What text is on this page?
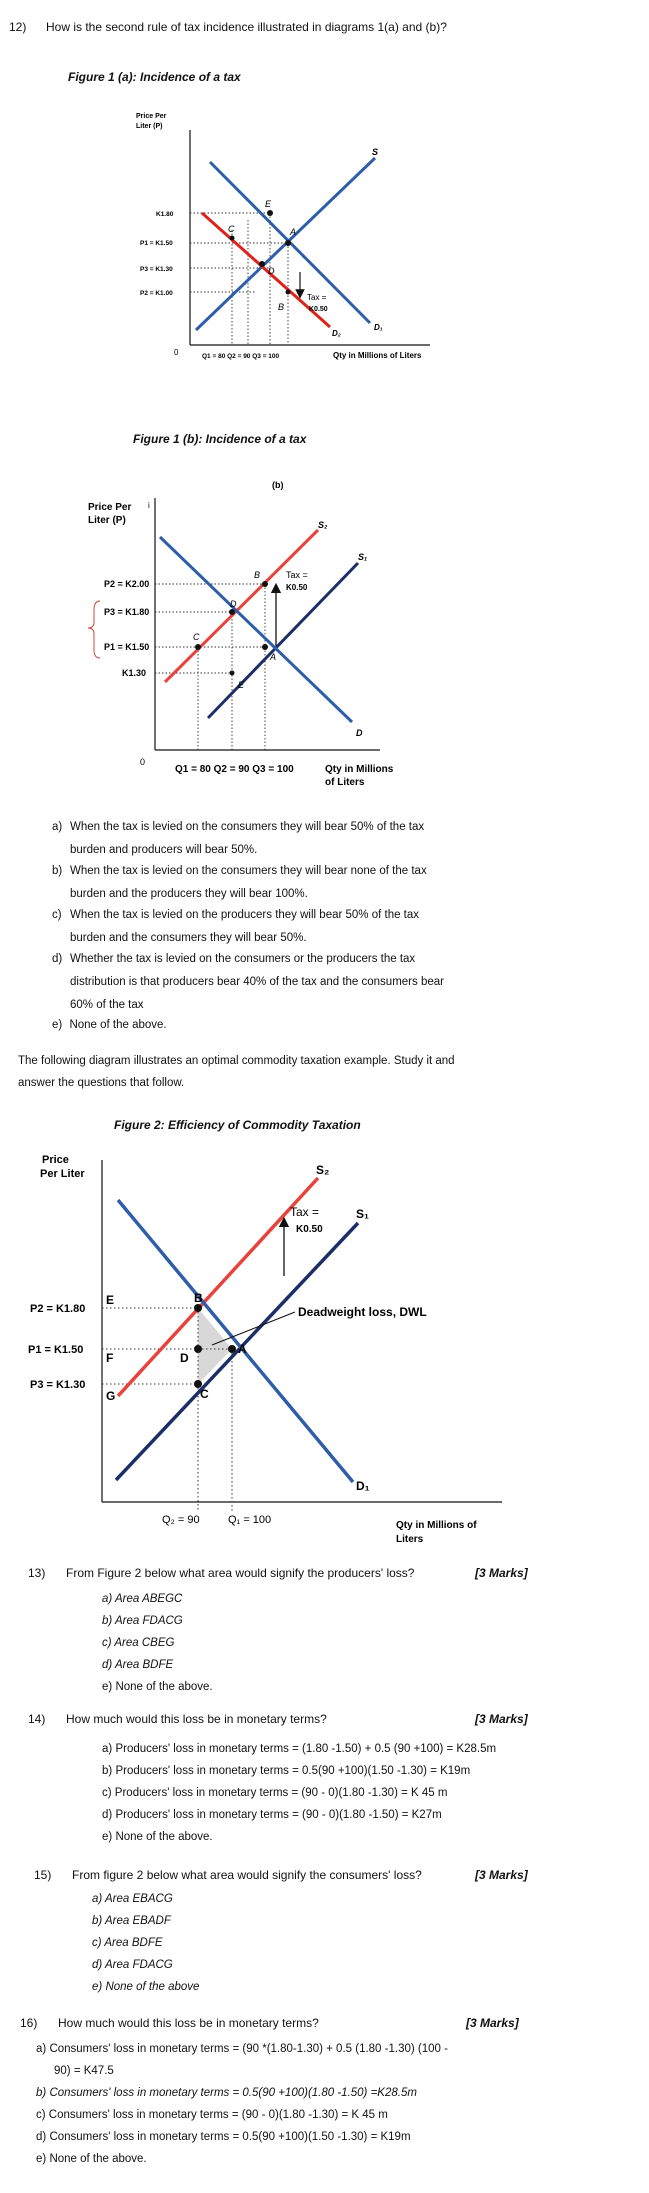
12) How is the second rule of tax incidence illustrated in diagrams 1(a) and (b)?
Figure 1 (a): Incidence of a tax
Price Per
Liter (P)
E
A
C
D
B
S
D₂
D₁
Tax =
K0.50
K1.80
P1 = K1.50
P3 = K1.30
P2 = K1.00
0	Q1 = 80 Q2 = 90 Q3 = 100	Qty in Millions of Liters
Figure 1 (b): Incidence of a tax
(b)
Price Per
Liter (P)
i
B
D
A
C
E
S₂
S₁
D
Tax =
K0.50
P2 = K2.00
P3 = K1.80
P1 = K1.50
K1.30
0
Q1 = 80 Q2 = 90 Q3 = 100	Qty in Millions
of Liters
a) When the tax is levied on the consumers they will bear 50% of the tax
burden and producers will bear 50%.
b) When the tax is levied on the consumers they will bear none of the tax
burden and the producers they will bear 100%.
c) When the tax is levied on the producers they will bear 50% of the tax
burden and the consumers they will bear 50%.
d) Whether the tax is levied on the consumers or the producers the tax
distribution is that producers bear 40% of the tax and the consumers bear
60% of the tax
e) None of the above.
The following diagram illustrates an optimal commodity taxation example. Study it and
answer the questions that follow.
Figure 2: Efficiency of Commodity Taxation
Price
Per Liter
B
D
A
C
E
F
G
S₂
S₁
D₁
Tax =
K0.50
Deadweight loss, DWL
P2 = K1.80
P1 = K1.50
P3 = K1.30
Q₂ = 90	Q₁ = 100	Qty in Millions of
Liters
13) From Figure 2 below what area would signify the producers' loss?	[3 Marks]
a) Area ABEGC
b) Area FDACG
c) Area CBEG
d) Area BDFE
e) None of the above.
14) How much would this loss be in monetary terms?	[3 Marks]
a) Producers' loss in monetary terms = (1.80 -1.50) + 0.5 (90 +100) = K28.5m
b) Producers' loss in monetary terms = 0.5(90 +100)(1.50 -1.30) = K19m
c) Producers' loss in monetary terms = (90 - 0)(1.80 -1.30) = K 45 m
d) Producers' loss in monetary terms = (90 - 0)(1.80 -1.50) = K27m
e) None of the above.
15) From figure 2 below what area would signify the consumers' loss?	[3 Marks]
a) Area EBACG
b) Area EBADF
c) Area BDFE
d) Area FDACG
e) None of the above
16) How much would this loss be in monetary terms?	[3 Marks]
a) Consumers' loss in monetary terms = (90 *(1.80-1.30) + 0.5 (1.80 -1.30) (100 -
90) = K47.5
b) Consumers' loss in monetary terms = 0.5(90 +100)(1.80 -1.50) =K28.5m
c) Consumers' loss in monetary terms = (90 - 0)(1.80 -1.30) = K 45 m
d) Consumers' loss in monetary terms = 0.5(90 +100)(1.50 -1.30) = K19m
e) None of the above.
